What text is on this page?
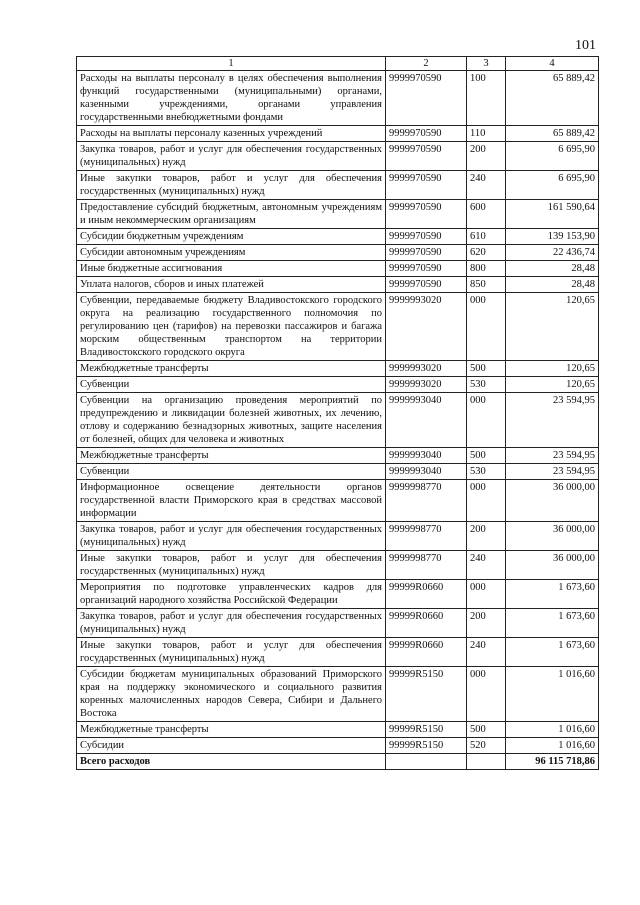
101
1	2	3	4
Расходы на выплаты персоналу в целях обеспечения выполнения функций государственными (муниципальными) органами, казенными учреждениями, органами управления государственными внебюджетными фондами	9999970590	100	65 889,42
Расходы на выплаты персоналу казенных учреждений	9999970590	110	65 889,42
Закупка товаров, работ и услуг для обеспечения государственных (муниципальных) нужд	9999970590	200	6 695,90
Иные закупки товаров, работ и услуг для обеспечения государственных (муниципальных) нужд	9999970590	240	6 695,90
Предоставление субсидий бюджетным, автономным учреждениям и иным некоммерческим организациям	9999970590	600	161 590,64
Субсидии бюджетным учреждениям	9999970590	610	139 153,90
Субсидии автономным учреждениям	9999970590	620	22 436,74
Иные бюджетные ассигнования	9999970590	800	28,48
Уплата налогов, сборов и иных платежей	9999970590	850	28,48
Субвенции, передаваемые бюджету Владивостокского городского округа на реализацию государственного полномочия по регулированию цен (тарифов) на перевозки пассажиров и багажа морским общественным транспортом на территории Владивостокского городского округа	9999993020	000	120,65
Межбюджетные трансферты	9999993020	500	120,65
Субвенции	9999993020	530	120,65
Субвенции на организацию проведения мероприятий по предупреждению и ликвидации болезней животных, их лечению, отлову и содержанию безнадзорных животных, защите населения от болезней, общих для человека и животных	9999993040	000	23 594,95
Межбюджетные трансферты	9999993040	500	23 594,95
Субвенции	9999993040	530	23 594,95
Информационное освещение деятельности органов государственной власти Приморского края в средствах массовой информации	9999998770	000	36 000,00
Закупка товаров, работ и услуг для обеспечения государственных (муниципальных) нужд	9999998770	200	36 000,00
Иные закупки товаров, работ и услуг для обеспечения государственных (муниципальных) нужд	9999998770	240	36 000,00
Мероприятия по подготовке управленческих кадров для организаций народного хозяйства Российской Федерации	99999R0660	000	1 673,60
Закупка товаров, работ и услуг для обеспечения государственных (муниципальных) нужд	99999R0660	200	1 673,60
Иные закупки товаров, работ и услуг для обеспечения государственных (муниципальных) нужд	99999R0660	240	1 673,60
Субсидии бюджетам муниципальных образований Приморского края на поддержку экономического и социального развития коренных малочисленных народов Севера, Сибири и Дальнего Востока	99999R5150	000	1 016,60
Межбюджетные трансферты	99999R5150	500	1 016,60
Субсидии	99999R5150	520	1 016,60
Всего расходов			96 115 718,86
